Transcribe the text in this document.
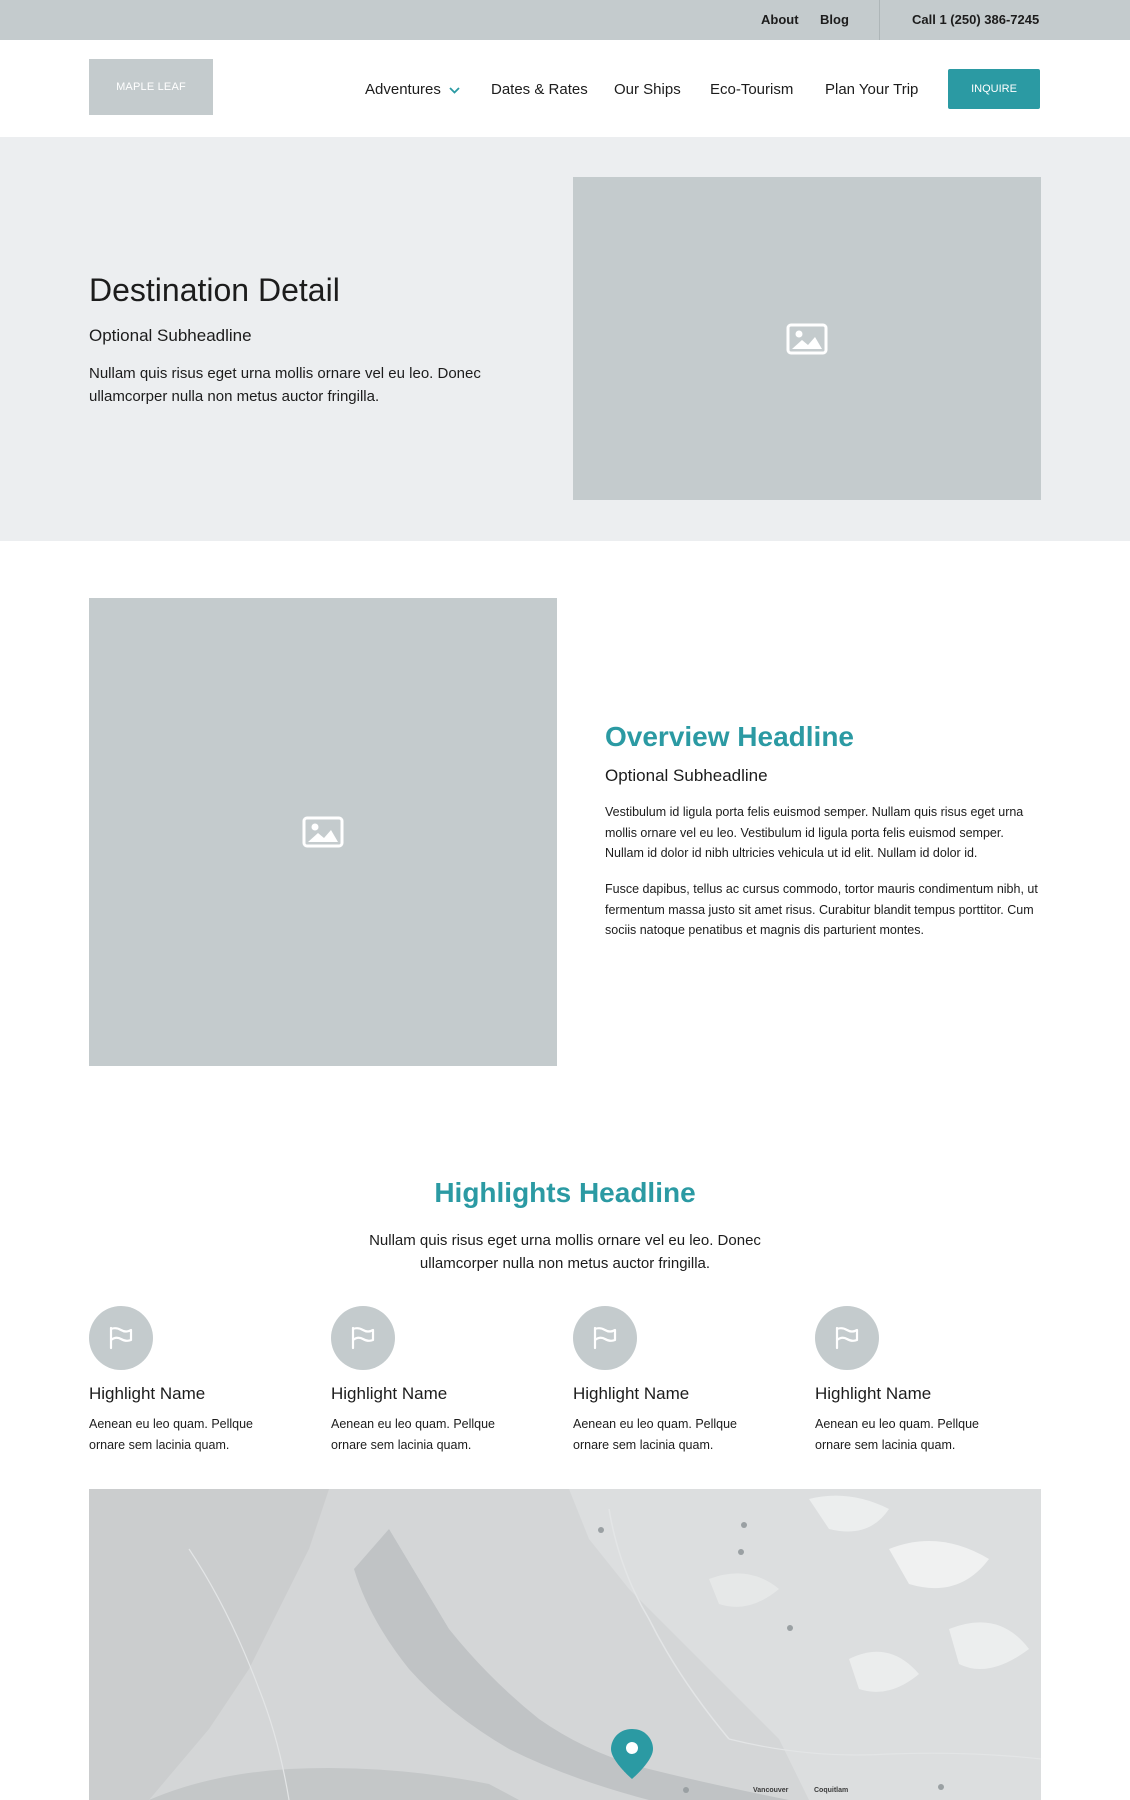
About Blog	Call 1 (250) 386-7245
MAPLE LEAF	Adventures	Dates & Rates Our Ships Eco-Tourism Plan Your Trip	INQUIRE
Destination Detail
Optional Subheadline

Nullam quis risus eget urna mollis ornare vel eu leo. Donec ullamcorper nulla non metus auctor fringilla.

Overview Headline
Optional Subheadline

Vestibulum id ligula porta felis euismod semper. Nullam quis risus eget urna mollis ornare vel eu leo. Vestibulum id ligula porta felis euismod semper. Nullam id dolor id nibh ultricies vehicula ut id elit. Nullam id dolor id.

Fusce dapibus, tellus ac cursus commodo, tortor mauris condimentum nibh, ut fermentum massa justo sit amet risus. Curabitur blandit tempus porttitor. Cum sociis natoque penatibus et magnis dis parturient montes.

Highlights Headline

Nullam quis risus eget urna mollis ornare vel eu leo. Donec ullamcorper nulla non metus auctor fringilla.

Highlight Name

Aenean eu leo quam. Pellque ornare sem lacinia quam.

Highlight Name

Aenean eu leo quam. Pellque ornare sem lacinia quam.

Highlight Name

Aenean eu leo quam. Pellque ornare sem lacinia quam.

Highlight Name

Aenean eu leo quam. Pellque ornare sem lacinia quam.

Vancouver	Coquitlam
